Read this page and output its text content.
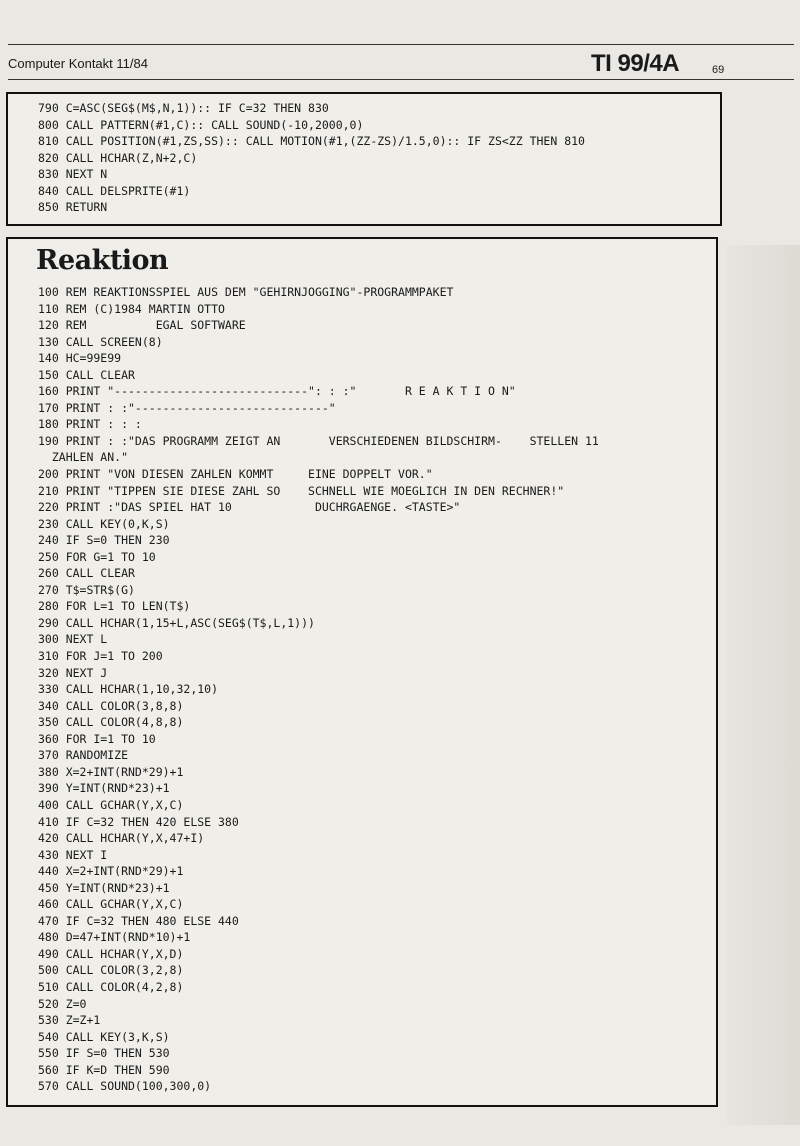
Computer Kontakt 11/84	TI 99/4A	69
790 C=ASC(SEG$(M$,N,1)):: IF C=32 THEN 830
800 CALL PATTERN(#1,C):: CALL SOUND(-10,2000,0)
810 CALL POSITION(#1,ZS,SS):: CALL MOTION(#1,(ZZ-ZS)/1.5,0):: IF ZS<ZZ THEN 810
820 CALL HCHAR(Z,N+2,C)
830 NEXT N
840 CALL DELSPRITE(#1)
850 RETURN
Reaktion
100 REM REAKTIONSSPIEL AUS DEM "GEHIRNJOGGING"-PROGRAMMPAKET
110 REM (C)1984 MARTIN OTTO
120 REM          EGAL SOFTWARE
130 CALL SCREEN(8)
140 HC=99E99
150 CALL CLEAR
160 PRINT "----------------------------": : :"       R E A K T I O N"
170 PRINT : :"----------------------------"
180 PRINT : : :
190 PRINT : :"DAS PROGRAMM ZEIGT AN       VERSCHIEDENEN BILDSCHIRM-    STELLEN 11
ZAHLEN AN."
200 PRINT "VON DIESEN ZAHLEN KOMMT     EINE DOPPELT VOR."
210 PRINT "TIPPEN SIE DIESE ZAHL SO    SCHNELL WIE MOEGLICH IN DEN RECHNER!"
220 PRINT :"DAS SPIEL HAT 10            DUCHRGAENGE. <TASTE>"
230 CALL KEY(0,K,S)
240 IF S=0 THEN 230
250 FOR G=1 TO 10
260 CALL CLEAR
270 T$=STR$(G)
280 FOR L=1 TO LEN(T$)
290 CALL HCHAR(1,15+L,ASC(SEG$(T$,L,1)))
300 NEXT L
310 FOR J=1 TO 200
320 NEXT J
330 CALL HCHAR(1,10,32,10)
340 CALL COLOR(3,8,8)
350 CALL COLOR(4,8,8)
360 FOR I=1 TO 10
370 RANDOMIZE
380 X=2+INT(RND*29)+1
390 Y=INT(RND*23)+1
400 CALL GCHAR(Y,X,C)
410 IF C=32 THEN 420 ELSE 380
420 CALL HCHAR(Y,X,47+I)
430 NEXT I
440 X=2+INT(RND*29)+1
450 Y=INT(RND*23)+1
460 CALL GCHAR(Y,X,C)
470 IF C=32 THEN 480 ELSE 440
480 D=47+INT(RND*10)+1
490 CALL HCHAR(Y,X,D)
500 CALL COLOR(3,2,8)
510 CALL COLOR(4,2,8)
520 Z=0
530 Z=Z+1
540 CALL KEY(3,K,S)
550 IF S=0 THEN 530
560 IF K=D THEN 590
570 CALL SOUND(100,300,0)
